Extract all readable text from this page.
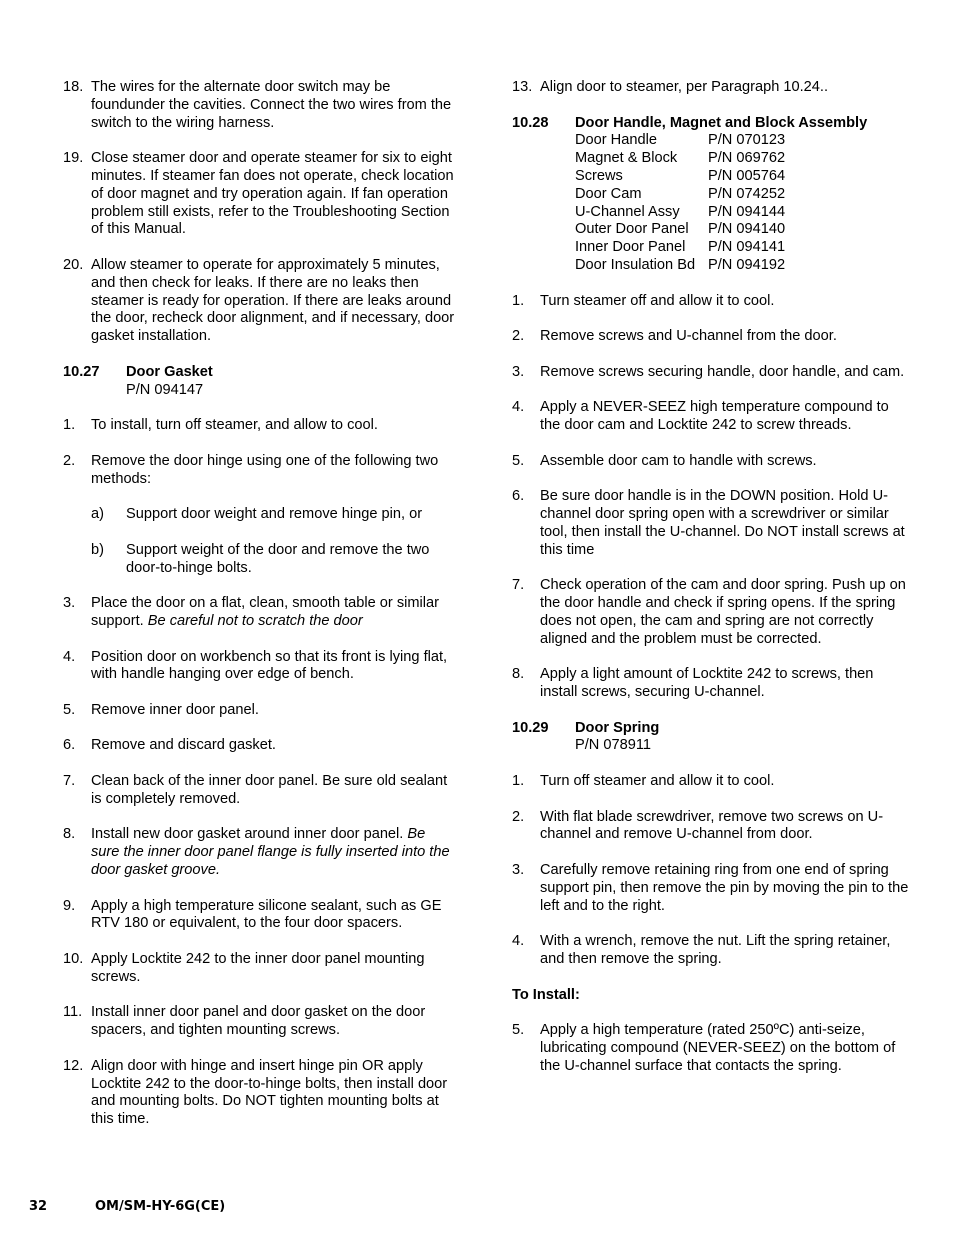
18. The wires for the alternate door switch may be foundunder the cavities. Connect the two wires from the switch to the wiring harness.
19. Close steamer door and operate steamer for six to eight minutes. If steamer fan does not operate, check location of door magnet and try operation again. If fan operation problem still exists, refer to the Troubleshooting Section of this Manual.
20. Allow steamer to operate for approximately 5 minutes, and then check for leaks. If there are no leaks then steamer is ready for operation. If there are leaks around the door, recheck door alignment, and if necessary, door gasket installation.
10.27	Door Gasket
P/N 094147
1.	To install, turn off steamer, and allow to cool.
2.	Remove the door hinge using one of the following two methods:
a)	Support door weight and remove hinge pin, or
b)	Support weight of the door and remove the two door-to-hinge bolts.
3.	Place the door on a flat, clean, smooth table or similar support. Be careful not to scratch the door
4.	Position door on workbench so that its front is lying flat, with handle hanging over edge of bench.
5.	Remove inner door panel.
6.	Remove and discard gasket.
7.	Clean back of the inner door panel. Be sure old sealant is completely removed.
8.	Install new door gasket around inner door panel. Be sure the inner door panel flange is fully inserted into the door gasket groove.
9.	Apply a high temperature silicone sealant, such as GE RTV 180 or equivalent, to the four door spacers.
10. Apply Locktite 242 to the inner door panel mounting screws.
11. Install inner door panel and door gasket on the door spacers, and tighten mounting screws.
12. Align door with hinge and insert hinge pin OR apply Locktite 242 to the door-to-hinge bolts, then install door and mounting bolts. Do NOT tighten mounting bolts at this time.
13. Align door to steamer, per Paragraph 10.24..
10.28	Door Handle, Magnet and Block Assembly
Door Handle	P/N 070123
Magnet & Block	P/N 069762
Screws	P/N 005764
Door Cam	P/N 074252
U-Channel Assy	P/N 094144
Outer Door Panel	P/N 094140
Inner Door Panel	P/N 094141
Door Insulation Bd P/N 094192
1.	Turn steamer off and allow it to cool.
2.	Remove screws and U-channel from the door.
3.	Remove screws securing handle, door handle, and cam.
4.	Apply a NEVER-SEEZ high temperature compound to the door cam and Locktite 242 to screw threads.
5.	Assemble door cam to handle with screws.
6.	Be sure door handle is in the DOWN position. Hold U-channel door spring open with a screwdriver or similar tool, then install the U-channel. Do NOT install screws at this time
7.	Check operation of the cam and door spring. Push up on the door handle and check if spring opens. If the spring does not open, the cam and spring are not correctly aligned and the problem must be corrected.
8.	Apply a light amount of Locktite 242 to screws, then install screws, securing U-channel.
10.29	Door Spring
P/N 078911
1.	Turn off steamer and allow it to cool.
2.	With flat blade screwdriver, remove two screws on U-channel and remove U-channel from door.
3.	Carefully remove retaining ring from one end of spring support pin, then remove the pin by moving the pin to the left and to the right.
4.	With a wrench, remove the nut. Lift the spring retainer, and then remove the spring.
To Install:
5.	Apply a high temperature (rated 250ºC) anti-seize, lubricating compound (NEVER-SEEZ) on the bottom of the U-channel surface that contacts the spring.
32	OM/SM-HY-6G(CE)
